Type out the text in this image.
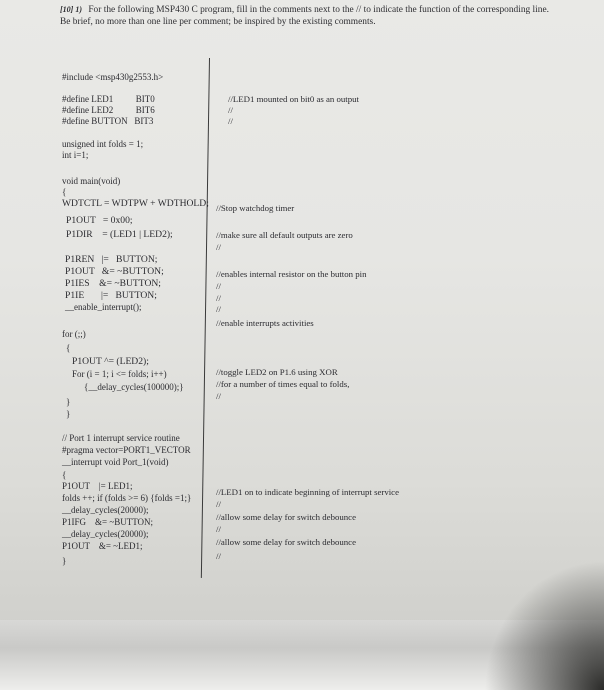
[10] 1) For the following MSP430 C program, fill in the comments next to the // to indicate the function of the corresponding line. Be brief, no more than one line per comment; be inspired by the existing comments.
#include <msp430g2553.h>
#define LED1          BIT0
#define LED2          BIT6
#define BUTTON   BIT3
unsigned int folds = 1;
int i=1;
void main(void)
{
WDTCTL = WDTPW + WDTHOLD;
P1OUT   = 0x00;
P1DIR    = (LED1 | LED2);
P1REN   |=   BUTTON;
P1OUT   &= ~BUTTON;
P1IES    &= ~BUTTON;
P1IE       |=   BUTTON;
__enable_interrupt();
for (;;)
{
P1OUT ^= (LED2);
For (i = 1; i <= folds; i++)
{__delay_cycles(100000);}
}
}
// Port 1 interrupt service routine
#pragma vector=PORT1_VECTOR
__interrupt void Port_1(void)
{
P1OUT    |= LED1;
folds ++; if (folds >= 6) {folds =1;}
__delay_cycles(20000);
P1IFG    &= ~BUTTON;
__delay_cycles(20000);
P1OUT    &= ~LED1;
}
//LED1 mounted on bit0 as an output
//
//
//Stop watchdog timer
//make sure all default outputs are zero
//
//enables internal resistor on the button pin
//
//
//
//enable interrupts activities
//toggle LED2 on P1.6 using XOR
//for a number of times equal to folds,
//
//LED1 on to indicate beginning of interrupt service
//
//allow some delay for switch debounce
//
//allow some delay for switch debounce
//
